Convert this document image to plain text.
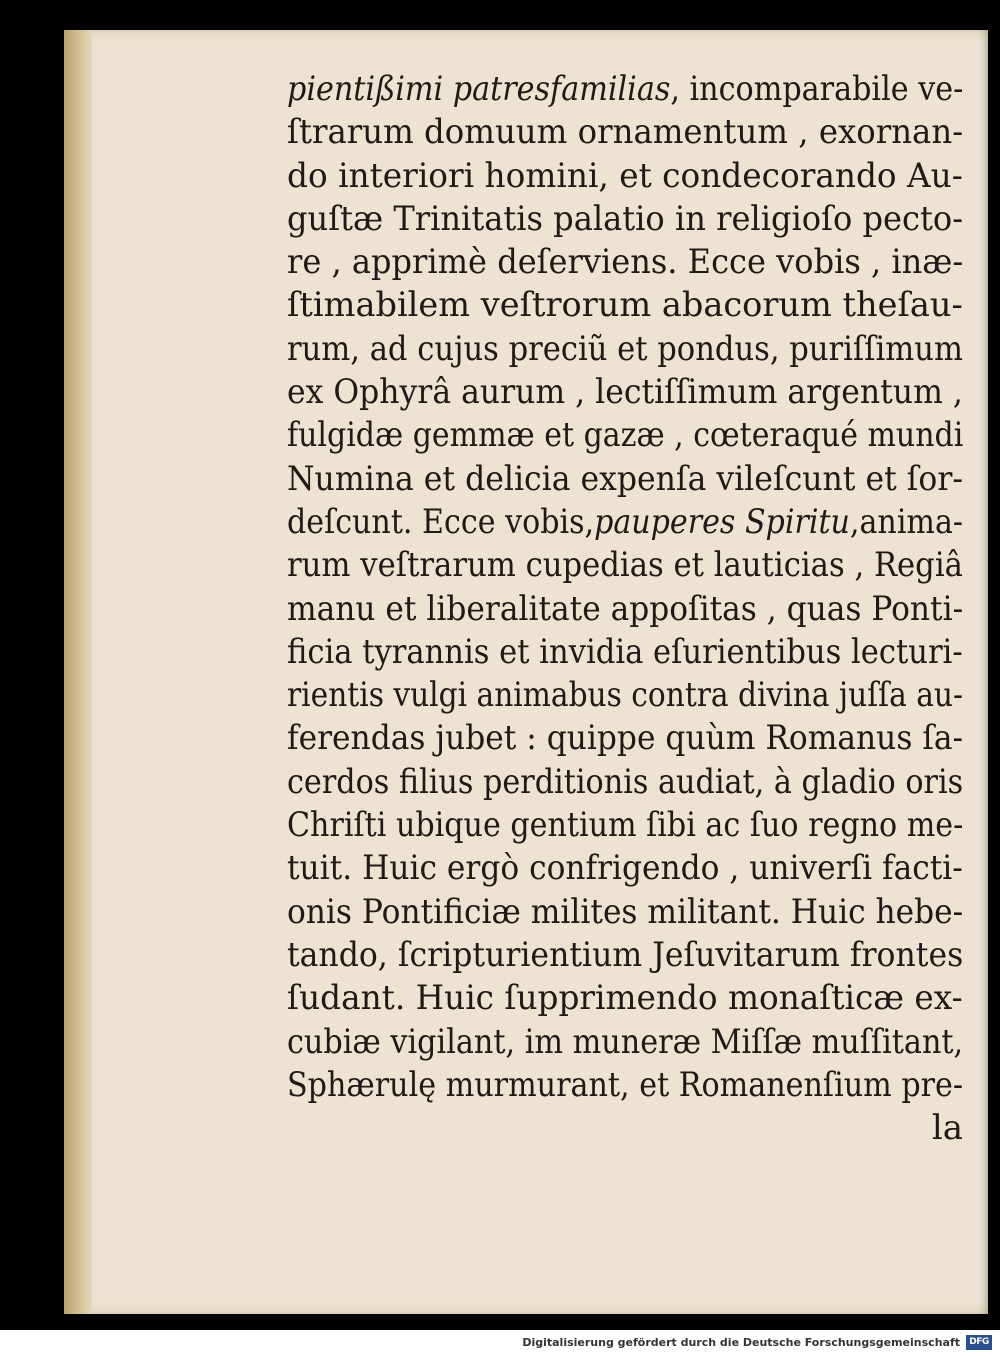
pientißimi patresfamilias, incomparabile ve-
ſtrarum domuum ornamentum , exornan-
do interiori homini, et condecorando Au-
guſtæ Trinitatis palatio in religioſo pecto-
re , apprimè deſerviens. Ecce vobis , inæ-
ſtimabilem veſtrorum abacorum theſau-
rum, ad cujus preciũ et pondus, puriſſimum
ex Ophyrâ aurum , lectiſſimum argentum ,
fulgidæ gemmæ et gazæ , cœteraqué mundi
Numina et delicia expenſa vileſcunt et ſor-
deſcunt. Ecce vobis,pauperes Spiritu,anima-
rum veſtrarum cupedias et lauticias , Regiâ
manu et liberalitate appoſitas , quas Ponti-
ficia tyrannis et invidia eſurientibus lecturi-
rientis vulgi animabus contra divina juſſa au-
ferendas jubet : quippe quùm Romanus ſa-
cerdos filius perditionis audiat, à gladio oris
Chriſti ubique gentium ſibi ac ſuo regno me-
tuit. Huic ergò confrigendo , univerſi facti-
onis Pontificiæ milites militant. Huic hebe-
tando, ſcripturientium Jeſuvitarum frontes
ſudant. Huic ſupprimendo monaſticæ ex-
cubiæ vigilant, im muneræ Miſſæ muſſitant,
Sphærulę murmurant, et Romanenſium pre-
la
Digitalisierung gefördert durch die Deutsche Forschungsgemeinschaft	DFG
